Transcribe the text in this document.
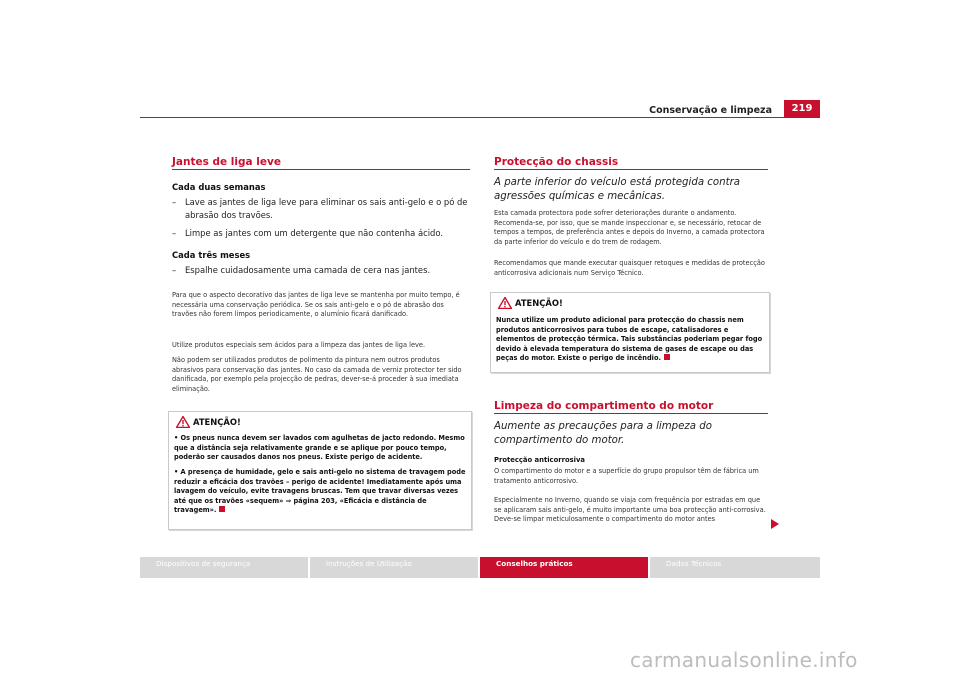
Conservação e limpeza	219
Jantes de liga leve
Cada duas semanas
–	Lave as jantes de liga leve para eliminar os sais anti-gelo e o pó de abrasão dos travões.
–	Limpe as jantes com um detergente que não contenha ácido.
Cada três meses
–	Espalhe cuidadosamente uma camada de cera nas jantes.
Para que o aspecto decorativo das jantes de liga leve se mantenha por muito tempo, é necessária uma conservação periódica. Se os sais anti-gelo e o pó de abrasão dos travões não forem limpos periodicamente, o alumínio ficará danificado.
Utilize produtos especiais sem ácidos para a limpeza das jantes de liga leve.
Não podem ser utilizados produtos de polimento da pintura nem outros produtos abrasivos para conservação das jantes. No caso da camada de verniz protector ter sido danificada, por exemplo pela projecção de pedras, dever-se-á proceder à sua imediata eliminação.
ATENÇÃO!
• Os pneus nunca devem ser lavados com agulhetas de jacto redondo. Mesmo que a distância seja relativamente grande e se aplique por pouco tempo, poderão ser causados danos nos pneus. Existe perigo de acidente.
• A presença de humidade, gelo e sais anti-gelo no sistema de travagem pode reduzir a eficácia dos travões – perigo de acidente! Imediatamente após uma lavagem do veículo, evite travagens bruscas. Tem que travar diversas vezes até que os travões «sequem» ⇒ página 203, «Eficácia e distância de travagem».
Protecção do chassis
A parte inferior do veículo está protegida contra agressões químicas e mecânicas.
Esta camada protectora pode sofrer deteriorações durante o andamento. Recomenda-se, por isso, que se mande inspeccionar e, se necessário, retocar de tempos a tempos, de preferência antes e depois do Inverno, a camada protectora da parte inferior do veículo e do trem de rodagem.
Recomendamos que mande executar quaisquer retoques e medidas de protecção anticorrosiva adicionais num Serviço Técnico.
ATENÇÃO!
Nunca utilize um produto adicional para protecção do chassis nem produtos anticorrosivos para tubos de escape, catalisadores e elementos de protecção térmica. Tais substâncias poderiam pegar fogo devido à elevada temperatura do sistema de gases de escape ou das peças do motor. Existe o perigo de incêndio.
Limpeza do compartimento do motor
Aumente as precauções para a limpeza do compartimento do motor.
Protecção anticorrosiva
O compartimento do motor e a superfície do grupo propulsor têm de fábrica um tratamento anticorrosivo.
Especialmente no Inverno, quando se viaja com frequência por estradas em que se aplicaram sais anti-gelo, é muito importante uma boa protecção anti-corrosiva. Deve-se limpar meticulosamente o compartimento do motor antes
Dispositivos de segurança	Instruções de Utilização	Conselhos práticos	Dados Técnicos
carmanualsonline.info
